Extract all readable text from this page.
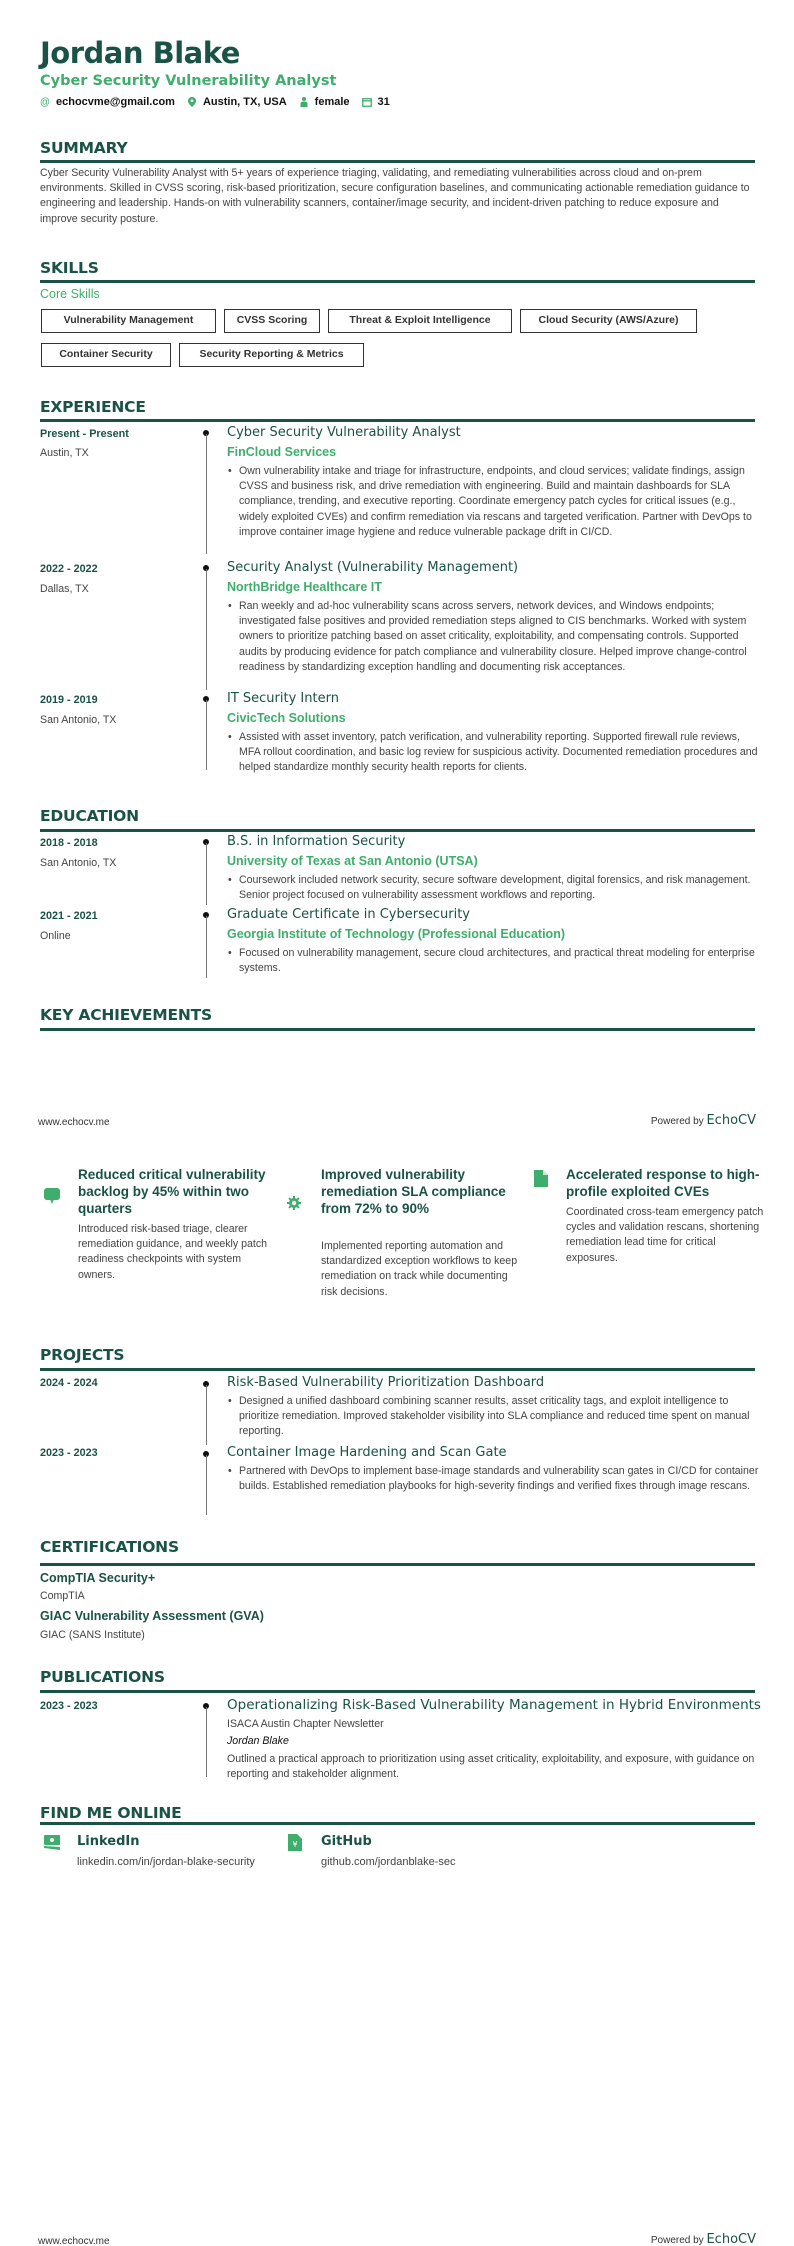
Jordan Blake
Cyber Security Vulnerability Analyst
@ echocvme@gmail.com	Austin, TX, USA	female	31
SUMMARY
Cyber Security Vulnerability Analyst with 5+ years of experience triaging, validating, and remediating vulnerabilities across cloud and on-prem environments. Skilled in CVSS scoring, risk-based prioritization, secure configuration baselines, and communicating actionable remediation guidance to engineering and leadership. Hands-on with vulnerability scanners, container/image security, and incident-driven patching to reduce exposure and improve security posture.
SKILLS
Core Skills
Vulnerability Management	CVSS Scoring	Threat & Exploit Intelligence	Cloud Security (AWS/Azure)
Container Security	Security Reporting & Metrics
EXPERIENCE
Present - Present
Austin, TX
Cyber Security Vulnerability Analyst
FinCloud Services
• Own vulnerability intake and triage for infrastructure, endpoints, and cloud services; validate findings, assign CVSS and business risk, and drive remediation with engineering. Build and maintain dashboards for SLA compliance, trending, and executive reporting. Coordinate emergency patch cycles for critical issues (e.g., widely exploited CVEs) and confirm remediation via rescans and targeted verification. Partner with DevOps to improve container image hygiene and reduce vulnerable package drift in CI/CD.
2022 - 2022
Dallas, TX
Security Analyst (Vulnerability Management)
NorthBridge Healthcare IT
• Ran weekly and ad-hoc vulnerability scans across servers, network devices, and Windows endpoints; investigated false positives and provided remediation steps aligned to CIS benchmarks. Worked with system owners to prioritize patching based on asset criticality, exploitability, and compensating controls. Supported audits by producing evidence for patch compliance and vulnerability closure. Helped improve change-control readiness by standardizing exception handling and documenting risk acceptances.
2019 - 2019
San Antonio, TX
IT Security Intern
CivicTech Solutions
• Assisted with asset inventory, patch verification, and vulnerability reporting. Supported firewall rule reviews, MFA rollout coordination, and basic log review for suspicious activity. Documented remediation procedures and helped standardize monthly security health reports for clients.
EDUCATION
2018 - 2018
San Antonio, TX
B.S. in Information Security
University of Texas at San Antonio (UTSA)
• Coursework included network security, secure software development, digital forensics, and risk management. Senior project focused on vulnerability assessment workflows and reporting.
2021 - 2021
Online
Graduate Certificate in Cybersecurity
Georgia Institute of Technology (Professional Education)
• Focused on vulnerability management, secure cloud architectures, and practical threat modeling for enterprise systems.
KEY ACHIEVEMENTS
www.echocv.me	Powered by EchoCV
Reduced critical vulnerability backlog by 45% within two quarters
Introduced risk-based triage, clearer remediation guidance, and weekly patch readiness checkpoints with system owners.
Improved vulnerability remediation SLA compliance from 72% to 90%
Implemented reporting automation and standardized exception workflows to keep remediation on track while documenting risk decisions.
Accelerated response to high-profile exploited CVEs
Coordinated cross-team emergency patch cycles and validation rescans, shortening remediation lead time for critical exposures.
PROJECTS
2024 - 2024	Risk-Based Vulnerability Prioritization Dashboard
• Designed a unified dashboard combining scanner results, asset criticality tags, and exploit intelligence to prioritize remediation. Improved stakeholder visibility into SLA compliance and reduced time spent on manual reporting.
2023 - 2023	Container Image Hardening and Scan Gate
• Partnered with DevOps to implement base-image standards and vulnerability scan gates in CI/CD for container builds. Established remediation playbooks for high-severity findings and verified fixes through image rescans.
CERTIFICATIONS
CompTIA Security+
CompTIA
GIAC Vulnerability Assessment (GVA)
GIAC (SANS Institute)
PUBLICATIONS
2023 - 2023	Operationalizing Risk-Based Vulnerability Management in Hybrid Environments
ISACA Austin Chapter Newsletter
Jordan Blake
Outlined a practical approach to prioritization using asset criticality, exploitability, and exposure, with guidance on reporting and stakeholder alignment.
FIND ME ONLINE
LinkedIn
linkedin.com/in/jordan-blake-security
¥ GitHub
github.com/jordanblake-sec
www.echocv.me	Powered by EchoCV
